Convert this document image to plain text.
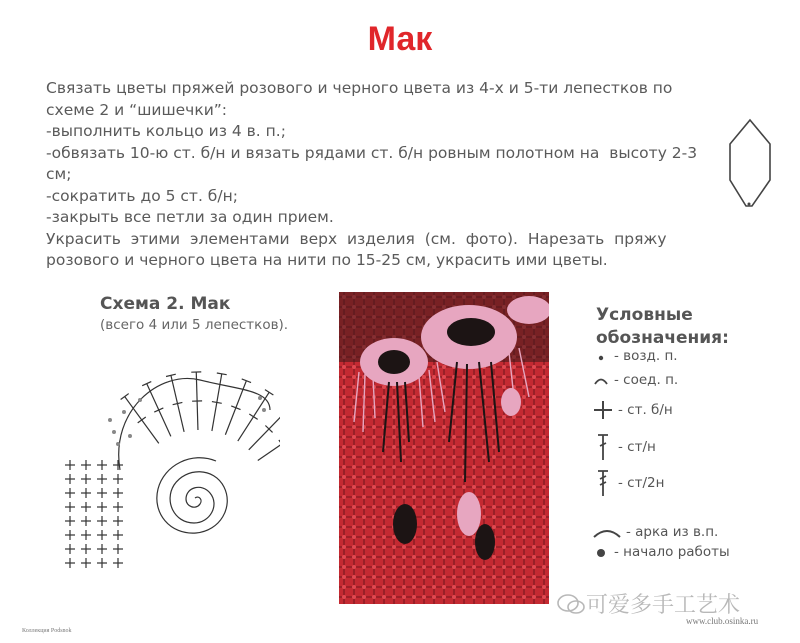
Мак
Связать цветы пряжей розового и черного цвета из 4-х и 5-ти лепестков по
схеме 2 и “шишечки”:
-выполнить кольцо из 4 в. п.;
-обвязать 10-ю ст. б/н и вязать рядами ст. б/н ровным полотном на  высоту 2-3
см;
-сократить до 5 ст. б/н;
-закрыть все петли за один прием.
Украсить  этими  элементами  верх  изделия  (см.  фото).  Нарезать  пряжу
розового и черного цвета на нити по 15-25 см, украсить ими цветы.
Схема 2. Мак
(всего 4 или 5 лепестков).	Условные
обозначения:
- возд. п.
- соед. п.
- ст. б/н
- ст/н
- ст/2н
- арка из в.п.
- начало работы
可爱多手工艺术
www.club.osinka.ru
Коллекция Podsnok
